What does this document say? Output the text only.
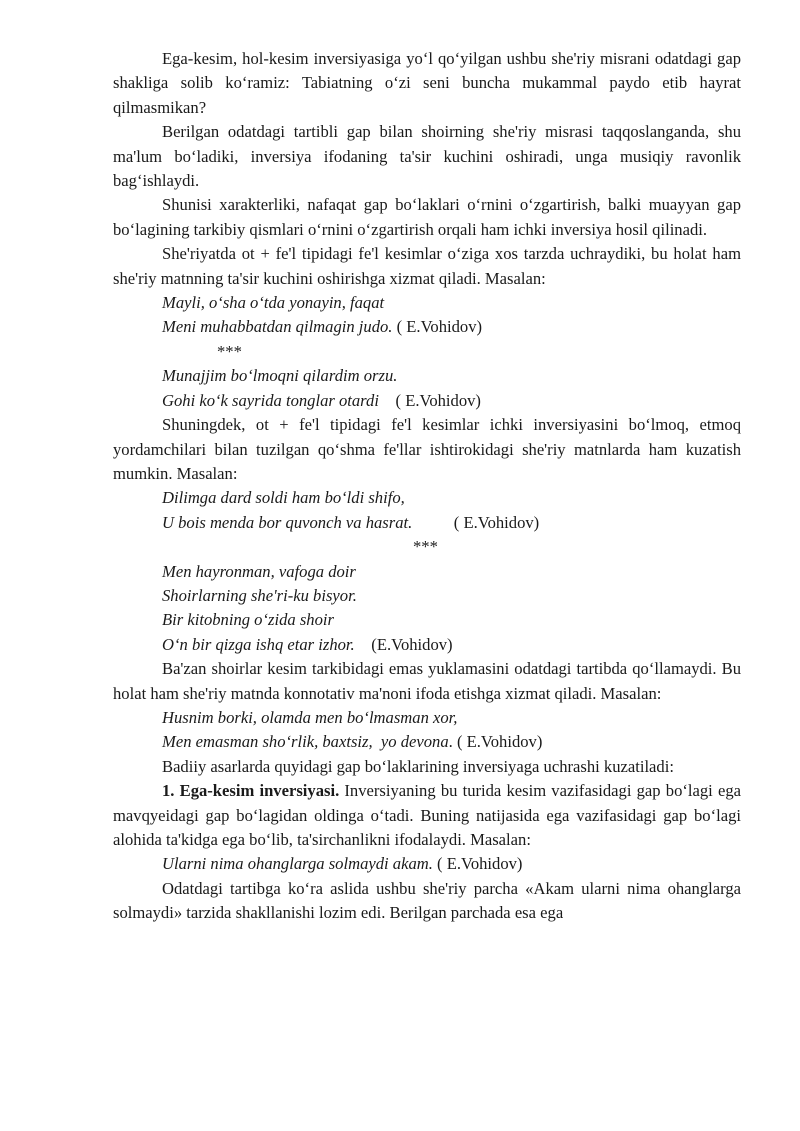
Ega-kesim, hol-kesim inversiyasiga yo‘l qo‘yilgan ushbu she'riy misrani odatdagi gap shakliga solib ko‘ramiz: Tabiatning o‘zi seni buncha mukammal paydo etib hayrat qilmasmikan?

Berilgan odatdagi tartibli gap bilan shoirning she'riy misrasi taqqoslanganda, shu ma'lum bo‘ladiki, inversiya ifodaning ta'sir kuchini oshiradi, unga musiqiy ravonlik bag‘ishlaydi.

Shunisi xarakterliki, nafaqat gap bo‘laklari o‘rnini o‘zgartirish, balki muayyan gap bo‘lagining tarkibiy qismlari o‘rnini o‘zgartirish orqali ham ichki inversiya hosil qilinadi.

She'riyatda ot + fe'l tipidagi fe'l kesimlar o‘ziga xos tarzda uchraydiki, bu holat ham she'riy matnning ta'sir kuchini oshirishga xizmat qiladi. Masalan:

Mayli, o‘sha o‘tda yonayin, faqat

Meni muhabbatdan qilmagin judo. ( E.Vohidov)

***

Munajjim bo‘lmoqni qilardim orzu.

Gohi ko‘k sayrida tonglar otardi    ( E.Vohidov)

Shuningdek, ot + fe'l tipidagi fe'l kesimlar ichki inversiyasini bo‘lmoq, etmoq yordamchilari bilan tuzilgan qo‘shma fe'llar ishtirokidagi she'riy matnlarda ham kuzatish mumkin. Masalan:

Dilimga dard soldi ham bo‘ldi shifo,

U bois menda bor quvonch va hasrat.          ( E.Vohidov)

***

Men hayronman, vafoga doir

Shoirlarning she'ri-ku bisyor.

Bir kitobning o‘zida shoir

O‘n bir qizga ishq etar izhor.    (E.Vohidov)

Ba'zan shoirlar kesim tarkibidagi emas yuklamasini odatdagi tartibda qo‘llamaydi. Bu holat ham she'riy matnda konnotativ ma'noni ifoda etishga xizmat qiladi. Masalan:

Husnim borki, olamda men bo‘lmasman xor,

Men emasman sho‘rlik, baxtsiz,  yo devona. ( E.Vohidov)

Badiiy asarlarda quyidagi gap bo‘laklarining inversiyaga uchrashi kuzatiladi:

1. Ega-kesim inversiyasi. Inversiyaning bu turida kesim vazifasidagi gap bo‘lagi ega mavqyeidagi gap bo‘lagidan oldinga o‘tadi. Buning natijasida ega vazifasidagi gap bo‘lagi alohida ta'kidga ega bo‘lib, ta'sirchanlikni ifodalaydi. Masalan:

Ularni nima ohanglarga solmaydi akam. ( E.Vohidov)

Odatdagi tartibga ko‘ra aslida ushbu she'riy parcha «Akam ularni nima ohanglarga solmaydi» tarzida shakllanishi lozim edi. Berilgan parchada esa ega
